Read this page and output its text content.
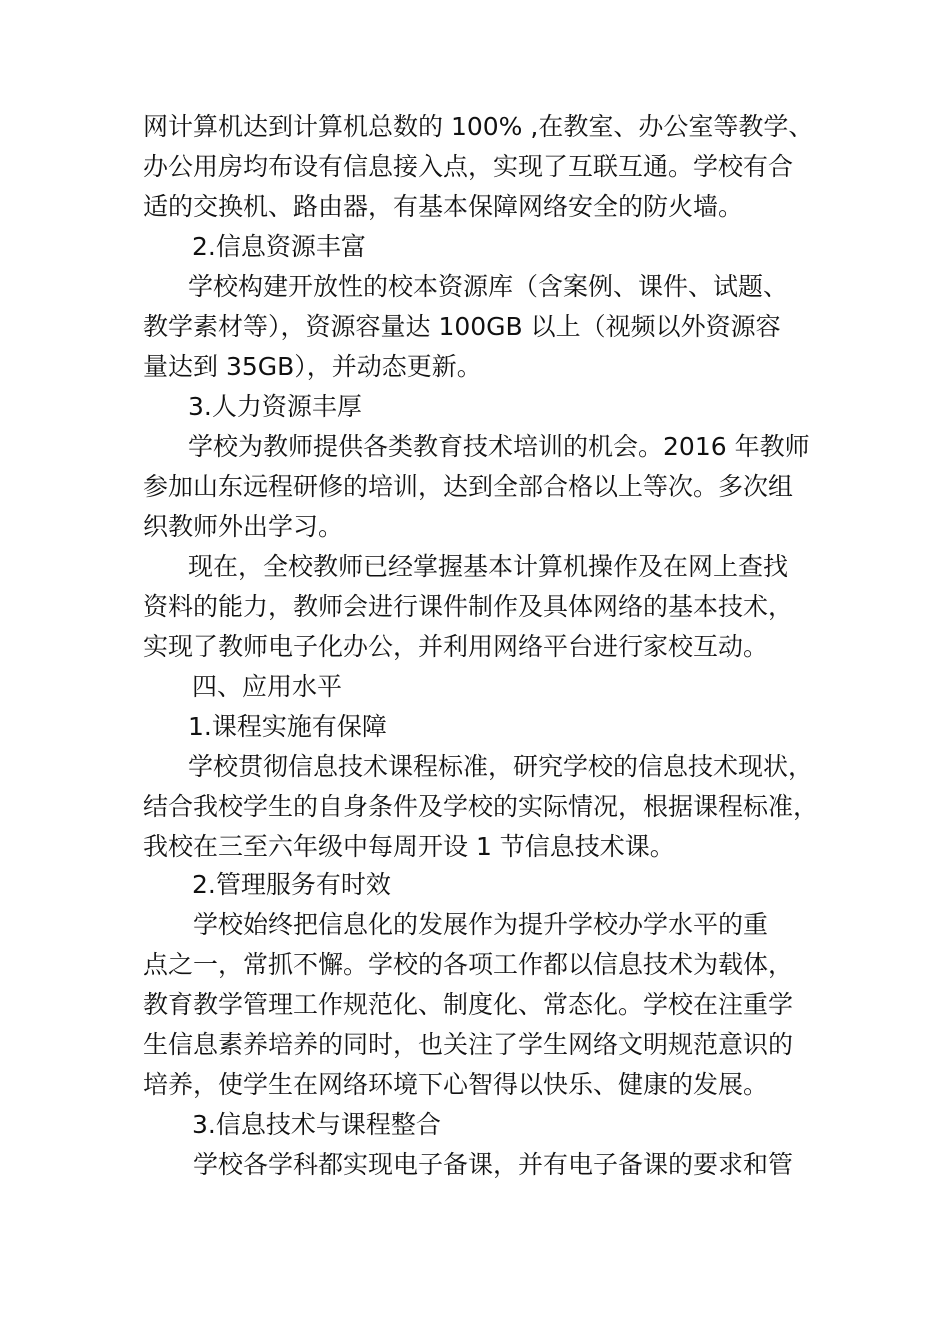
网计算机达到计算机总数的 100% ,在教室、办公室等教学、
办公用房均布设有信息接入点，实现了互联互通。学校有合
适的交换机、路由器，有基本保障网络安全的防火墙。
2.信息资源丰富
学校构建开放性的校本资源库（含案例、课件、试题、
教学素材等），资源容量达 100GB 以上（视频以外资源容
量达到 35GB），并动态更新。
3.人力资源丰厚
学校为教师提供各类教育技术培训的机会。2016 年教师
参加山东远程研修的培训，达到全部合格以上等次。多次组
织教师外出学习。
现在，全校教师已经掌握基本计算机操作及在网上查找
资料的能力，教师会进行课件制作及具体网络的基本技术，
实现了教师电子化办公，并利用网络平台进行家校互动。
四、应用水平
1.课程实施有保障
学校贯彻信息技术课程标准，研究学校的信息技术现状，
结合我校学生的自身条件及学校的实际情况，根据课程标准，
我校在三至六年级中每周开设 1 节信息技术课。
2.管理服务有时效
学校始终把信息化的发展作为提升学校办学水平的重
点之一，常抓不懈。学校的各项工作都以信息技术为载体，
教育教学管理工作规范化、制度化、常态化。学校在注重学
生信息素养培养的同时，也关注了学生网络文明规范意识的
培养，使学生在网络环境下心智得以快乐、健康的发展。
3.信息技术与课程整合
学校各学科都实现电子备课，并有电子备课的要求和管
